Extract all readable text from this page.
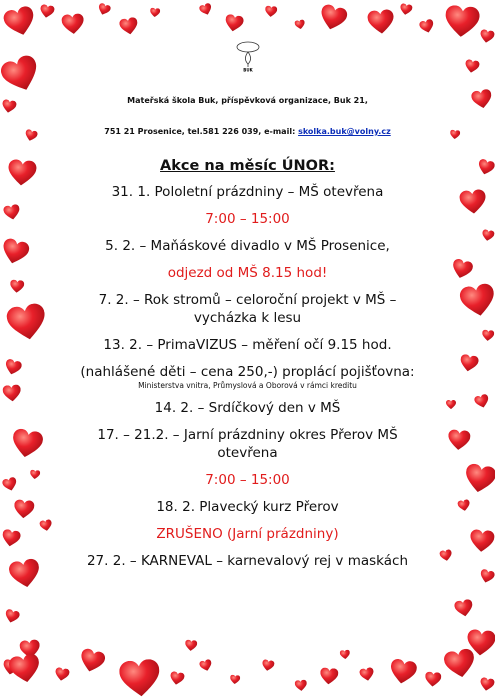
BUK
Mateřská škola Buk, příspěvková organizace, Buk 21,
751 21 Prosenice, tel.581 226 039, e-mail: skolka.buk@volny.cz
Akce na měsíc ÚNOR:
31. 1. Pololetní prázdniny – MŠ otevřena
7:00 – 15:00
5. 2. – Maňáskové divadlo v MŠ Prosenice,
odjezd od MŠ 8.15 hod!
7. 2. – Rok stromů – celoroční projekt v MŠ – vycházka k lesu
13. 2. – PrimaVIZUS – měření očí 9.15 hod.
(nahlášené děti – cena 250,-) proplácí pojišťovna:
Ministerstva vnitra, Průmyslová a Oborová v rámci kreditu
14. 2. – Srdíčkový den v MŠ
17. – 21.2. – Jarní prázdniny okres Přerov MŠ otevřena
7:00 – 15:00
18. 2. Plavecký kurz Přerov
ZRUŠENO (Jarní prázdniny)
27. 2. – KARNEVAL – karnevalový rej v maskách
